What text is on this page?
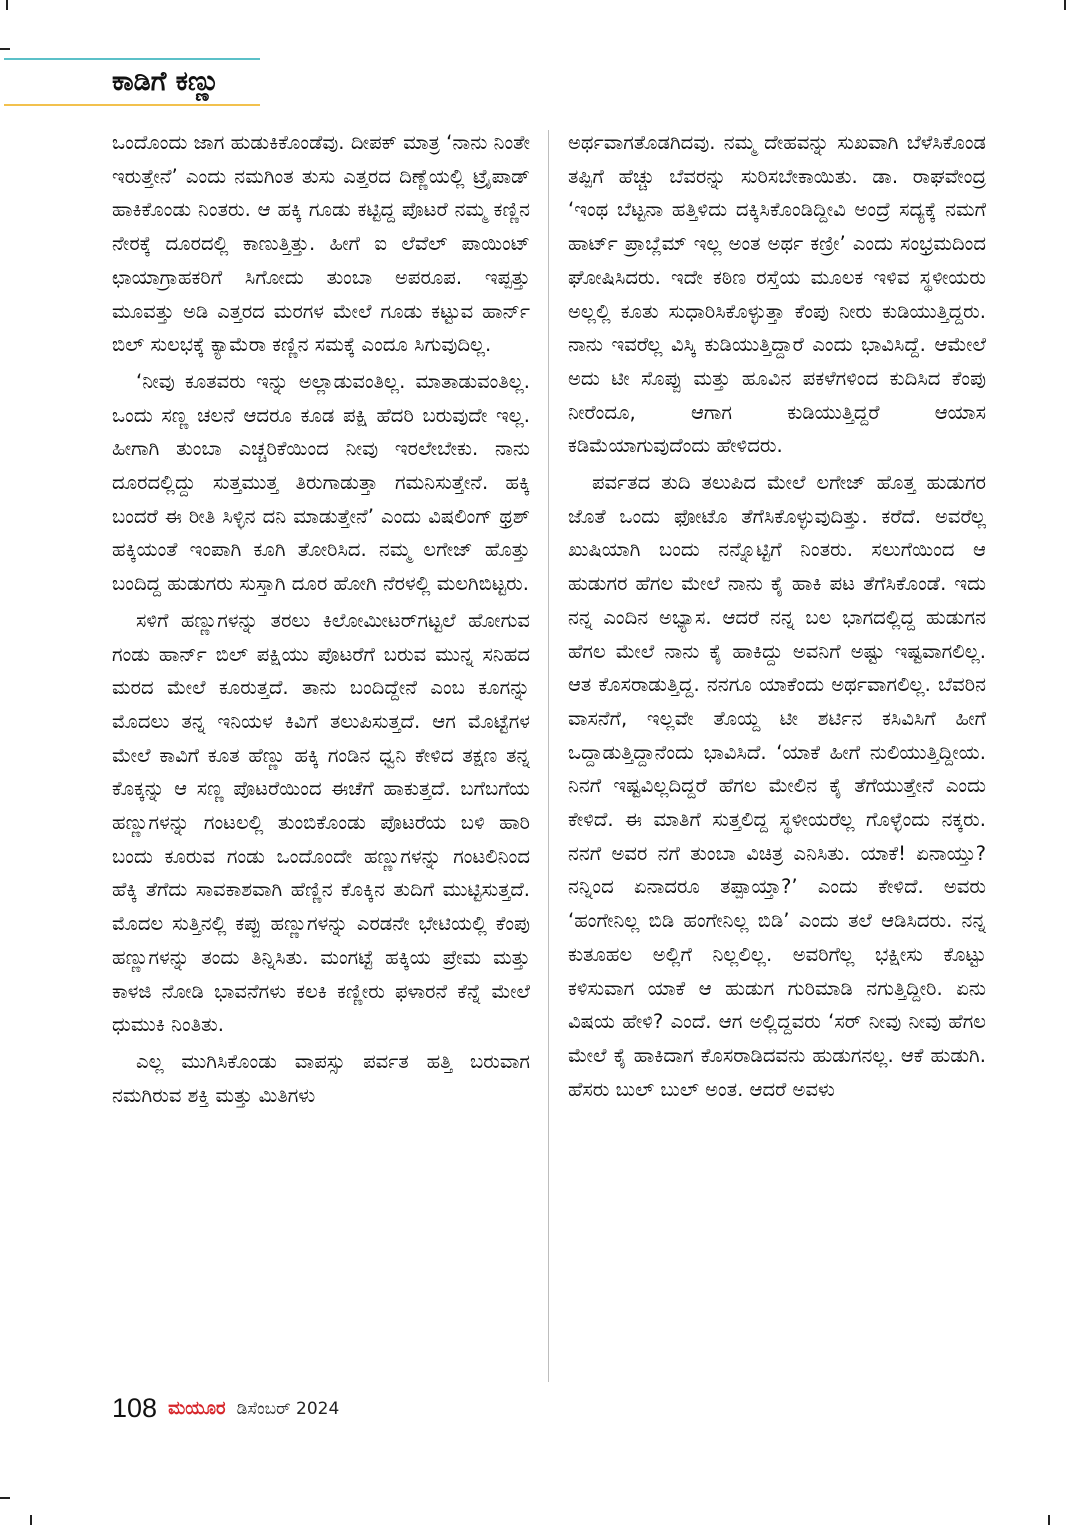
ಕಾಡಿಗೆ ಕಣ್ಣು

ಒಂದೊಂದು ಜಾಗ ಹುಡುಕಿಕೊಂಡೆವು. ದೀಪಕ್ ಮಾತ್ರ ‘ನಾನು ನಿಂತೇ ಇರುತ್ತೇನೆ’ ಎಂದು ನಮಗಿಂತ ತುಸು ಎತ್ತರದ ದಿಣ್ಣೆಯಲ್ಲಿ ಟ್ರೈಪಾಡ್ ಹಾಕಿಕೊಂಡು ನಿಂತರು. ಆ ಹಕ್ಕಿ ಗೂಡು ಕಟ್ಟಿದ್ದ ಪೊಟರೆ ನಮ್ಮ ಕಣ್ಣಿನ ನೇರಕ್ಕೆ ದೂರದಲ್ಲಿ ಕಾಣುತ್ತಿತ್ತು. ಹೀಗೆ ಐ ಲೆವೆಲ್ ಪಾಯಿಂಟ್ ಛಾಯಾಗ್ರಾಹಕರಿಗೆ ಸಿಗೋದು ತುಂಬಾ ಅಪರೂಪ. ಇಪ್ಪತ್ತು ಮೂವತ್ತು ಅಡಿ ಎತ್ತರದ ಮರಗಳ ಮೇಲೆ ಗೂಡು ಕಟ್ಟುವ ಹಾರ್ನ್ ಬಿಲ್ ಸುಲಭಕ್ಕೆ ಕ್ಯಾಮೆರಾ ಕಣ್ಣಿನ ಸಮಕ್ಕೆ ಎಂದೂ ಸಿಗುವುದಿಲ್ಲ.

‘ನೀವು ಕೂತವರು ಇನ್ನು ಅಲ್ಲಾಡುವಂತಿಲ್ಲ. ಮಾತಾಡುವಂತಿಲ್ಲ. ಒಂದು ಸಣ್ಣ ಚಲನೆ ಆದರೂ ಕೂಡ ಪಕ್ಷಿ ಹೆದರಿ ಬರುವುದೇ ಇಲ್ಲ. ಹೀಗಾಗಿ ತುಂಬಾ ಎಚ್ಚರಿಕೆಯಿಂದ ನೀವು ಇರಲೇಬೇಕು. ನಾನು ದೂರದಲ್ಲಿದ್ದು ಸುತ್ತಮುತ್ತ ತಿರುಗಾಡುತ್ತಾ ಗಮನಿಸುತ್ತೇನೆ. ಹಕ್ಕಿ ಬಂದರೆ ಈ ರೀತಿ ಸಿಳ್ಳಿನ ದನಿ ಮಾಡುತ್ತೇನೆ’ ಎಂದು ವಿಷಲಿಂಗ್ ಥ್ರಶ್ ಹಕ್ಕಿಯಂತೆ ಇಂಪಾಗಿ ಕೂಗಿ ತೋರಿಸಿದ. ನಮ್ಮ ಲಗೇಜ್ ಹೊತ್ತು ಬಂದಿದ್ದ ಹುಡುಗರು ಸುಸ್ತಾಗಿ ದೂರ ಹೋಗಿ ನೆರಳಲ್ಲಿ ಮಲಗಿಬಿಟ್ಟರು.

ಸಳಿಗೆ ಹಣ್ಣುಗಳನ್ನು ತರಲು ಕಿಲೋಮೀಟರ್‌ಗಟ್ಟಲೆ ಹೋಗುವ ಗಂಡು ಹಾರ್ನ್ ಬಿಲ್ ಪಕ್ಷಿಯು ಪೊಟರೆಗೆ ಬರುವ ಮುನ್ನ ಸನಿಹದ ಮರದ ಮೇಲೆ ಕೂರುತ್ತದೆ. ತಾನು ಬಂದಿದ್ದೇನೆ ಎಂಬ ಕೂಗನ್ನು ಮೊದಲು ತನ್ನ ಇನಿಯಳ ಕಿವಿಗೆ ತಲುಪಿಸುತ್ತದೆ. ಆಗ ಮೊಟ್ಟೆಗಳ ಮೇಲೆ ಕಾವಿಗೆ ಕೂತ ಹೆಣ್ಣು ಹಕ್ಕಿ ಗಂಡಿನ ಧ್ವನಿ ಕೇಳಿದ ತಕ್ಷಣ ತನ್ನ ಕೊಕ್ಕನ್ನು ಆ ಸಣ್ಣ ಪೊಟರೆಯಿಂದ ಈಚೆಗೆ ಹಾಕುತ್ತದೆ. ಬಗೆಬಗೆಯ ಹಣ್ಣುಗಳನ್ನು ಗಂಟಲಲ್ಲಿ ತುಂಬಿಕೊಂಡು ಪೊಟರೆಯ ಬಳಿ ಹಾರಿ ಬಂದು ಕೂರುವ ಗಂಡು ಒಂದೊಂದೇ ಹಣ್ಣುಗಳನ್ನು ಗಂಟಲಿನಿಂದ ಹೆಕ್ಕಿ ತೆಗೆದು ಸಾವಕಾಶವಾಗಿ ಹೆಣ್ಣಿನ ಕೊಕ್ಕಿನ ತುದಿಗೆ ಮುಟ್ಟಿಸುತ್ತದೆ. ಮೊದಲ ಸುತ್ತಿನಲ್ಲಿ ಕಪ್ಪು ಹಣ್ಣುಗಳನ್ನು ಎರಡನೇ ಭೇಟಿಯಲ್ಲಿ ಕೆಂಪು ಹಣ್ಣುಗಳನ್ನು ತಂದು ತಿನ್ನಿಸಿತು. ಮಂಗಟ್ಟೆ ಹಕ್ಕಿಯ ಪ್ರೇಮ ಮತ್ತು ಕಾಳಜಿ ನೋಡಿ ಭಾವನೆಗಳು ಕಲಕಿ ಕಣ್ಣೀರು ಫಳಾರನೆ ಕೆನ್ನೆ ಮೇಲೆ ಧುಮುಕಿ ನಿಂತಿತು.

ಎಲ್ಲ ಮುಗಿಸಿಕೊಂಡು ವಾಪಸ್ಸು ಪರ್ವತ ಹತ್ತಿ ಬರುವಾಗ ನಮಗಿರುವ ಶಕ್ತಿ ಮತ್ತು ಮಿತಿಗಳು

ಅರ್ಥವಾಗತೊಡಗಿದವು. ನಮ್ಮ ದೇಹವನ್ನು ಸುಖವಾಗಿ ಬೆಳೆಸಿಕೊಂಡ ತಪ್ಪಿಗೆ ಹೆಚ್ಚು ಬೆವರನ್ನು ಸುರಿಸಬೇಕಾಯಿತು. ಡಾ. ರಾಘವೇಂದ್ರ ‘ಇಂಥ ಬೆಟ್ಟನಾ ಹತ್ತಿಳಿದು ದಕ್ಕಿಸಿಕೊಂಡಿದ್ದೀವಿ ಅಂದ್ರೆ ಸದ್ಯಕ್ಕೆ ನಮಗೆ ಹಾರ್ಟ್ ಪ್ರಾಬ್ಲೆಮ್ ಇಲ್ಲ ಅಂತ ಅರ್ಥ ಕಣ್ರೀ’ ಎಂದು ಸಂಭ್ರಮದಿಂದ ಘೋಷಿಸಿದರು. ಇದೇ ಕಠಿಣ ರಸ್ತೆಯ ಮೂಲಕ ಇಳಿವ ಸ್ಥಳೀಯರು ಅಲ್ಲಲ್ಲಿ ಕೂತು ಸುಧಾರಿಸಿಕೊಳ್ಳುತ್ತಾ ಕೆಂಪು ನೀರು ಕುಡಿಯುತ್ತಿದ್ದರು. ನಾನು ಇವರೆಲ್ಲ ವಿಸ್ಕಿ ಕುಡಿಯುತ್ತಿದ್ದಾರೆ ಎಂದು ಭಾವಿಸಿದ್ದೆ. ಆಮೇಲೆ ಅದು ಟೀ ಸೊಪ್ಪು ಮತ್ತು ಹೂವಿನ ಪಕಳೆಗಳಿಂದ ಕುದಿಸಿದ ಕೆಂಪು ನೀರೆಂದೂ, ಆಗಾಗ ಕುಡಿಯುತ್ತಿದ್ದರೆ ಆಯಾಸ ಕಡಿಮೆಯಾಗುವುದೆಂದು ಹೇಳಿದರು.

ಪರ್ವತದ ತುದಿ ತಲುಪಿದ ಮೇಲೆ ಲಗೇಜ್ ಹೊತ್ತ ಹುಡುಗರ ಜೊತೆ ಒಂದು ಫೋಟೊ ತೆಗೆಸಿಕೊಳ್ಳುವುದಿತ್ತು. ಕರೆದೆ. ಅವರೆಲ್ಲ ಖುಷಿಯಾಗಿ ಬಂದು ನನ್ನೊಟ್ಟಿಗೆ ನಿಂತರು. ಸಲುಗೆಯಿಂದ ಆ ಹುಡುಗರ ಹೆಗಲ ಮೇಲೆ ನಾನು ಕೈ ಹಾಕಿ ಪಟ ತೆಗೆಸಿಕೊಂಡೆ. ಇದು ನನ್ನ ಎಂದಿನ ಅಭ್ಯಾಸ. ಆದರೆ ನನ್ನ ಬಲ ಭಾಗದಲ್ಲಿದ್ದ ಹುಡುಗನ ಹೆಗಲ ಮೇಲೆ ನಾನು ಕೈ ಹಾಕಿದ್ದು ಅವನಿಗೆ ಅಷ್ಟು ಇಷ್ಟವಾಗಲಿಲ್ಲ. ಆತ ಕೊಸರಾಡುತ್ತಿದ್ದ. ನನಗೂ ಯಾಕೆಂದು ಅರ್ಥವಾಗಲಿಲ್ಲ. ಬೆವರಿನ ವಾಸನೆಗೆ, ಇಲ್ಲವೇ ತೊಯ್ದ ಟೀ ಶರ್ಟಿನ ಕಸಿವಿಸಿಗೆ ಹೀಗೆ ಒದ್ದಾಡುತ್ತಿದ್ದಾನೆಂದು ಭಾವಿಸಿದೆ. ‘ಯಾಕೆ ಹೀಗೆ ನುಲಿಯುತ್ತಿದ್ದೀಯ. ನಿನಗೆ ಇಷ್ಟವಿಲ್ಲದಿದ್ದರೆ ಹೆಗಲ ಮೇಲಿನ ಕೈ ತೆಗೆಯುತ್ತೇನೆ ಎಂದು ಕೇಳಿದೆ. ಈ ಮಾತಿಗೆ ಸುತ್ತಲಿದ್ದ ಸ್ಥಳೀಯರೆಲ್ಲ ಗೊಳ್ಳೆಂದು ನಕ್ಕರು. ನನಗೆ ಅವರ ನಗೆ ತುಂಬಾ ವಿಚಿತ್ರ ಎನಿಸಿತು. ಯಾಕೆ! ಏನಾಯ್ತು? ನನ್ನಿಂದ ಏನಾದರೂ ತಪ್ಪಾಯ್ತಾ?’ ಎಂದು ಕೇಳಿದೆ. ಅವರು ‘ಹಂಗೇನಿಲ್ಲ ಬಿಡಿ ಹಂಗೇನಿಲ್ಲ ಬಿಡಿ’ ಎಂದು ತಲೆ ಆಡಿಸಿದರು. ನನ್ನ ಕುತೂಹಲ ಅಲ್ಲಿಗೆ ನಿಲ್ಲಲಿಲ್ಲ. ಅವರಿಗೆಲ್ಲ ಭಕ್ಷೀಸು ಕೊಟ್ಟು ಕಳಿಸುವಾಗ ಯಾಕೆ ಆ ಹುಡುಗ ಗುರಿಮಾಡಿ ನಗುತ್ತಿದ್ದೀರಿ. ಏನು ವಿಷಯ ಹೇಳಿ? ಎಂದೆ. ಆಗ ಅಲ್ಲಿದ್ದವರು ‘ಸರ್ ನೀವು ನೀವು ಹೆಗಲ ಮೇಲೆ ಕೈ ಹಾಕಿದಾಗ ಕೊಸರಾಡಿದವನು ಹುಡುಗನಲ್ಲ. ಆಕೆ ಹುಡುಗಿ. ಹೆಸರು ಬುಲ್ ಬುಲ್ ಅಂತ. ಆದರೆ ಅವಳು

108 ಮಯೂರ ಡಿಸೆಂಬರ್ 2024
